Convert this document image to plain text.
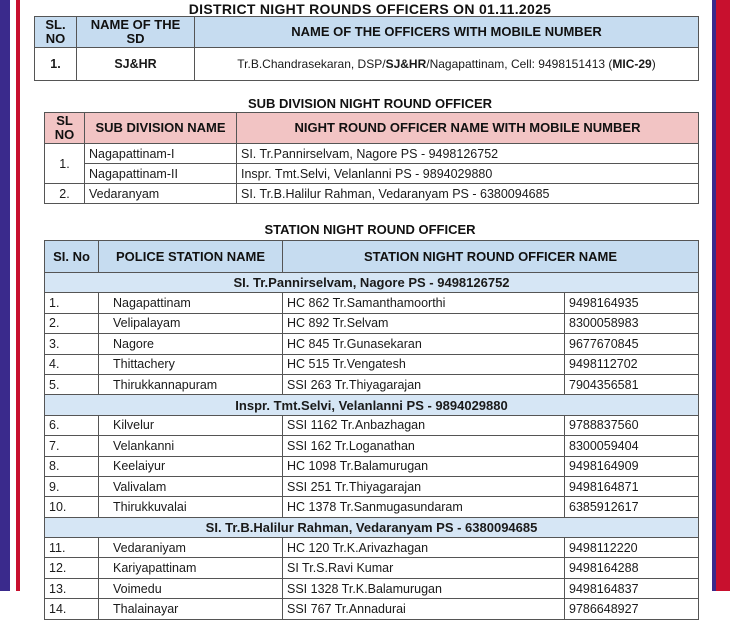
DISTRICT NIGHT ROUNDS OFFICERS ON 01.11.2025
SL. NO	NAME OF THE SD	NAME OF THE OFFICERS WITH MOBILE NUMBER
1.	SJ&HR	Tr.B.Chandrasekaran, DSP/SJ&HR/Nagapattinam, Cell: 9498151413 (MIC-29)
SUB DIVISION NIGHT ROUND OFFICER
SL NO	SUB DIVISION NAME	NIGHT ROUND OFFICER NAME WITH MOBILE NUMBER
1.	Nagapattinam-I	SI. Tr.Pannirselvam, Nagore PS - 9498126752
	Nagapattinam-II	Inspr. Tmt.Selvi, Velanlanni PS - 9894029880
2.	Vedaranyam	SI. Tr.B.Halilur Rahman, Vedaranyam PS - 6380094685
STATION NIGHT ROUND OFFICER
SI. No	POLICE STATION NAME	STATION NIGHT ROUND OFFICER NAME	
SI. Tr.Pannirselvam, Nagore PS - 9498126752			
1.	Nagapattinam	HC 862 Tr.Samanthamoorthi	9498164935
2.	Velipalayam	HC 892 Tr.Selvam	8300058983
3.	Nagore	HC 845 Tr.Gunasekaran	9677670845
4.	Thittachery	HC 515 Tr.Vengatesh	9498112702
5.	Thirukkannapuram	SSI 263 Tr.Thiyagarajan	7904356581
Inspr. Tmt.Selvi, Velanlanni PS - 9894029880			
6.	Kilvelur	SSI 1162 Tr.Anbazhagan	9788837560
7.	Velankanni	SSI 162 Tr.Loganathan	8300059404
8.	Keelaiyur	HC 1098 Tr.Balamurugan	9498164909
9.	Valivalam	SSI 251 Tr.Thiyagarajan	9498164871
10.	Thirukkuvalai	HC 1378 Tr.Sanmugasundaram	6385912617
SI. Tr.B.Halilur Rahman, Vedaranyam PS - 6380094685			
11.	Vedaraniyam	HC 120 Tr.K.Arivazhagan	9498112220
12.	Kariyapattinam	SI Tr.S.Ravi Kumar	9498164288
13.	Voimedu	SSI 1328 Tr.K.Balamurugan	9498164837
14.	Thalainayar	SSI 767 Tr.Annadurai	9786648927
